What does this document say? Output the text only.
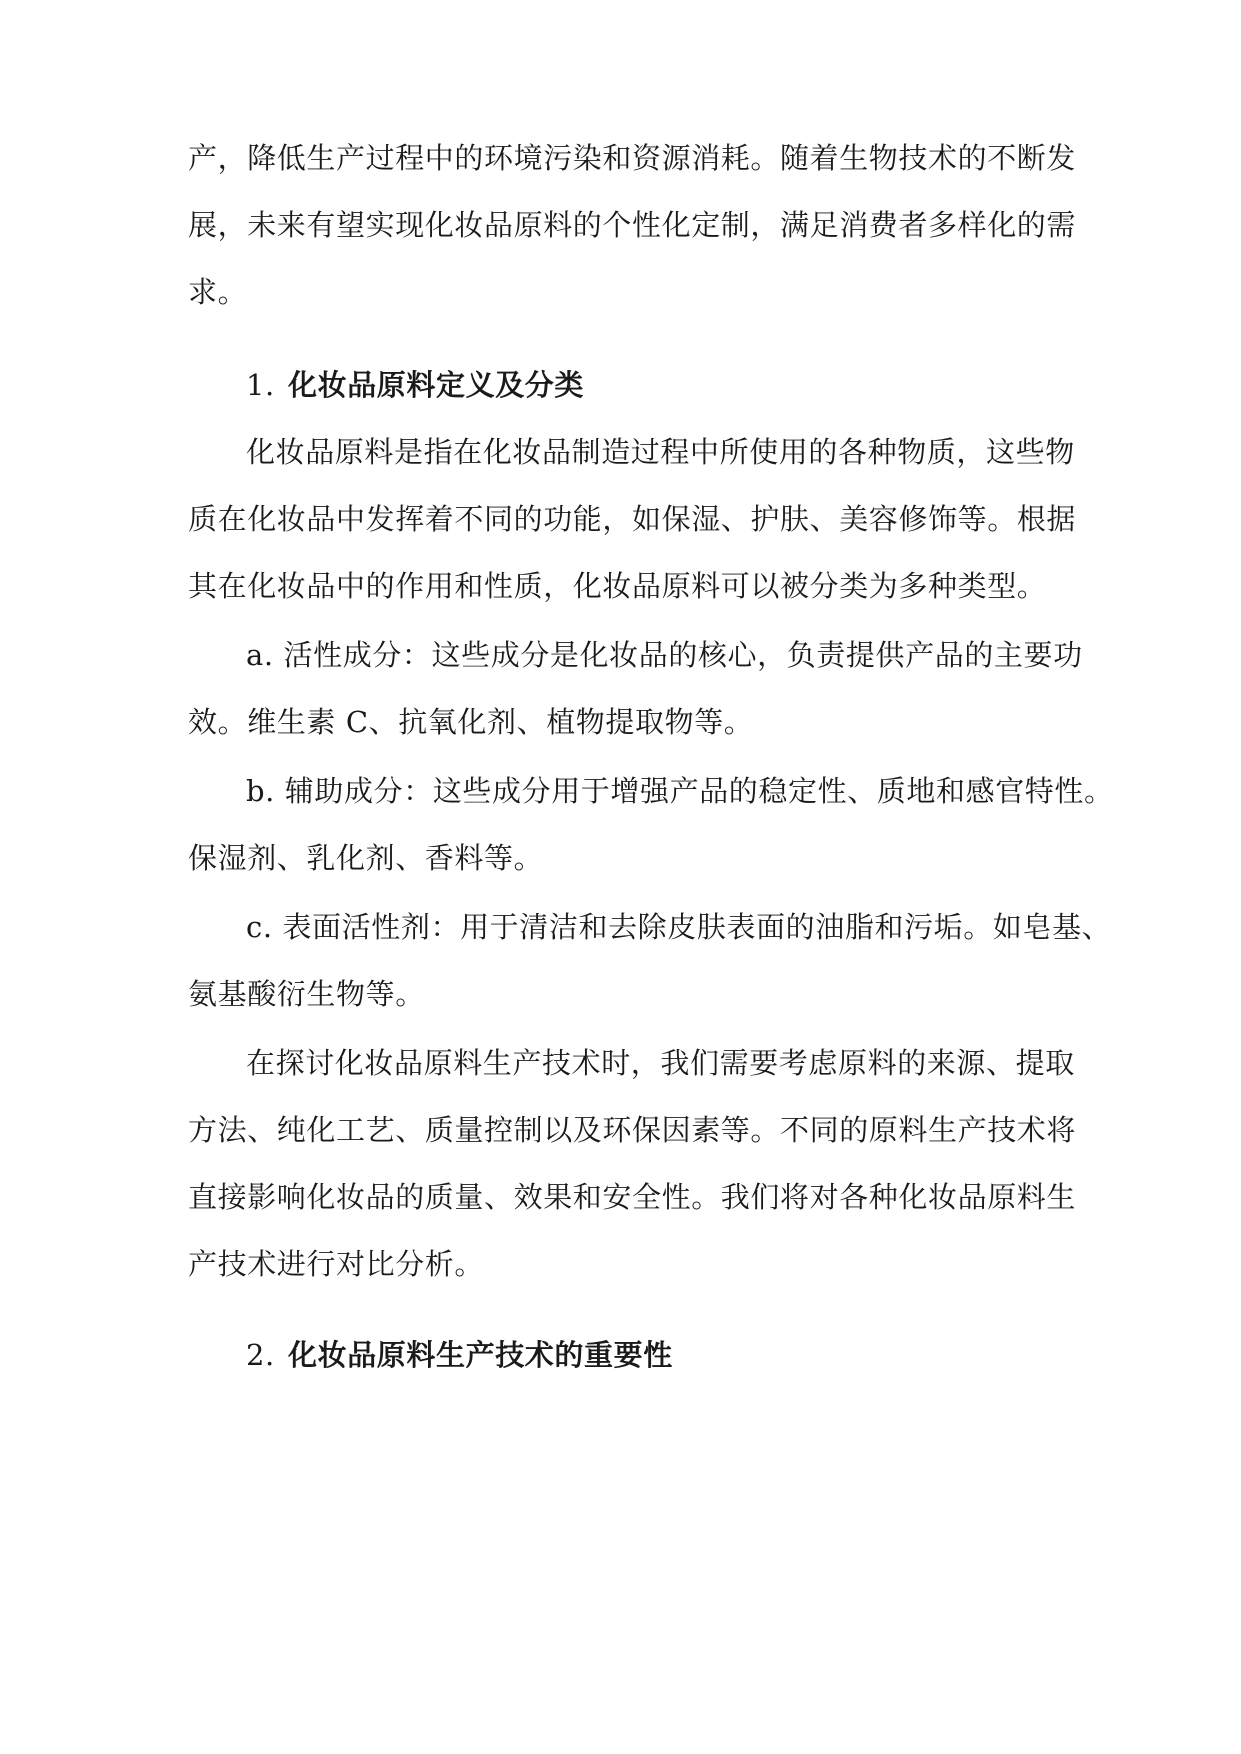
产，降低生产过程中的环境污染和资源消耗。随着生物技术的不断发
展，未来有望实现化妆品原料的个性化定制，满足消费者多样化的需
求。
1. 化妆品原料定义及分类
化妆品原料是指在化妆品制造过程中所使用的各种物质，这些物
质在化妆品中发挥着不同的功能，如保湿、护肤、美容修饰等。根据
其在化妆品中的作用和性质，化妆品原料可以被分类为多种类型。
a. 活性成分：这些成分是化妆品的核心，负责提供产品的主要功
效。维生素 C、抗氧化剂、植物提取物等。
b. 辅助成分：这些成分用于增强产品的稳定性、质地和感官特性。
保湿剂、乳化剂、香料等。
c. 表面活性剂：用于清洁和去除皮肤表面的油脂和污垢。如皂基、
氨基酸衍生物等。
在探讨化妆品原料生产技术时，我们需要考虑原料的来源、提取
方法、纯化工艺、质量控制以及环保因素等。不同的原料生产技术将
直接影响化妆品的质量、效果和安全性。我们将对各种化妆品原料生
产技术进行对比分析。
2. 化妆品原料生产技术的重要性
